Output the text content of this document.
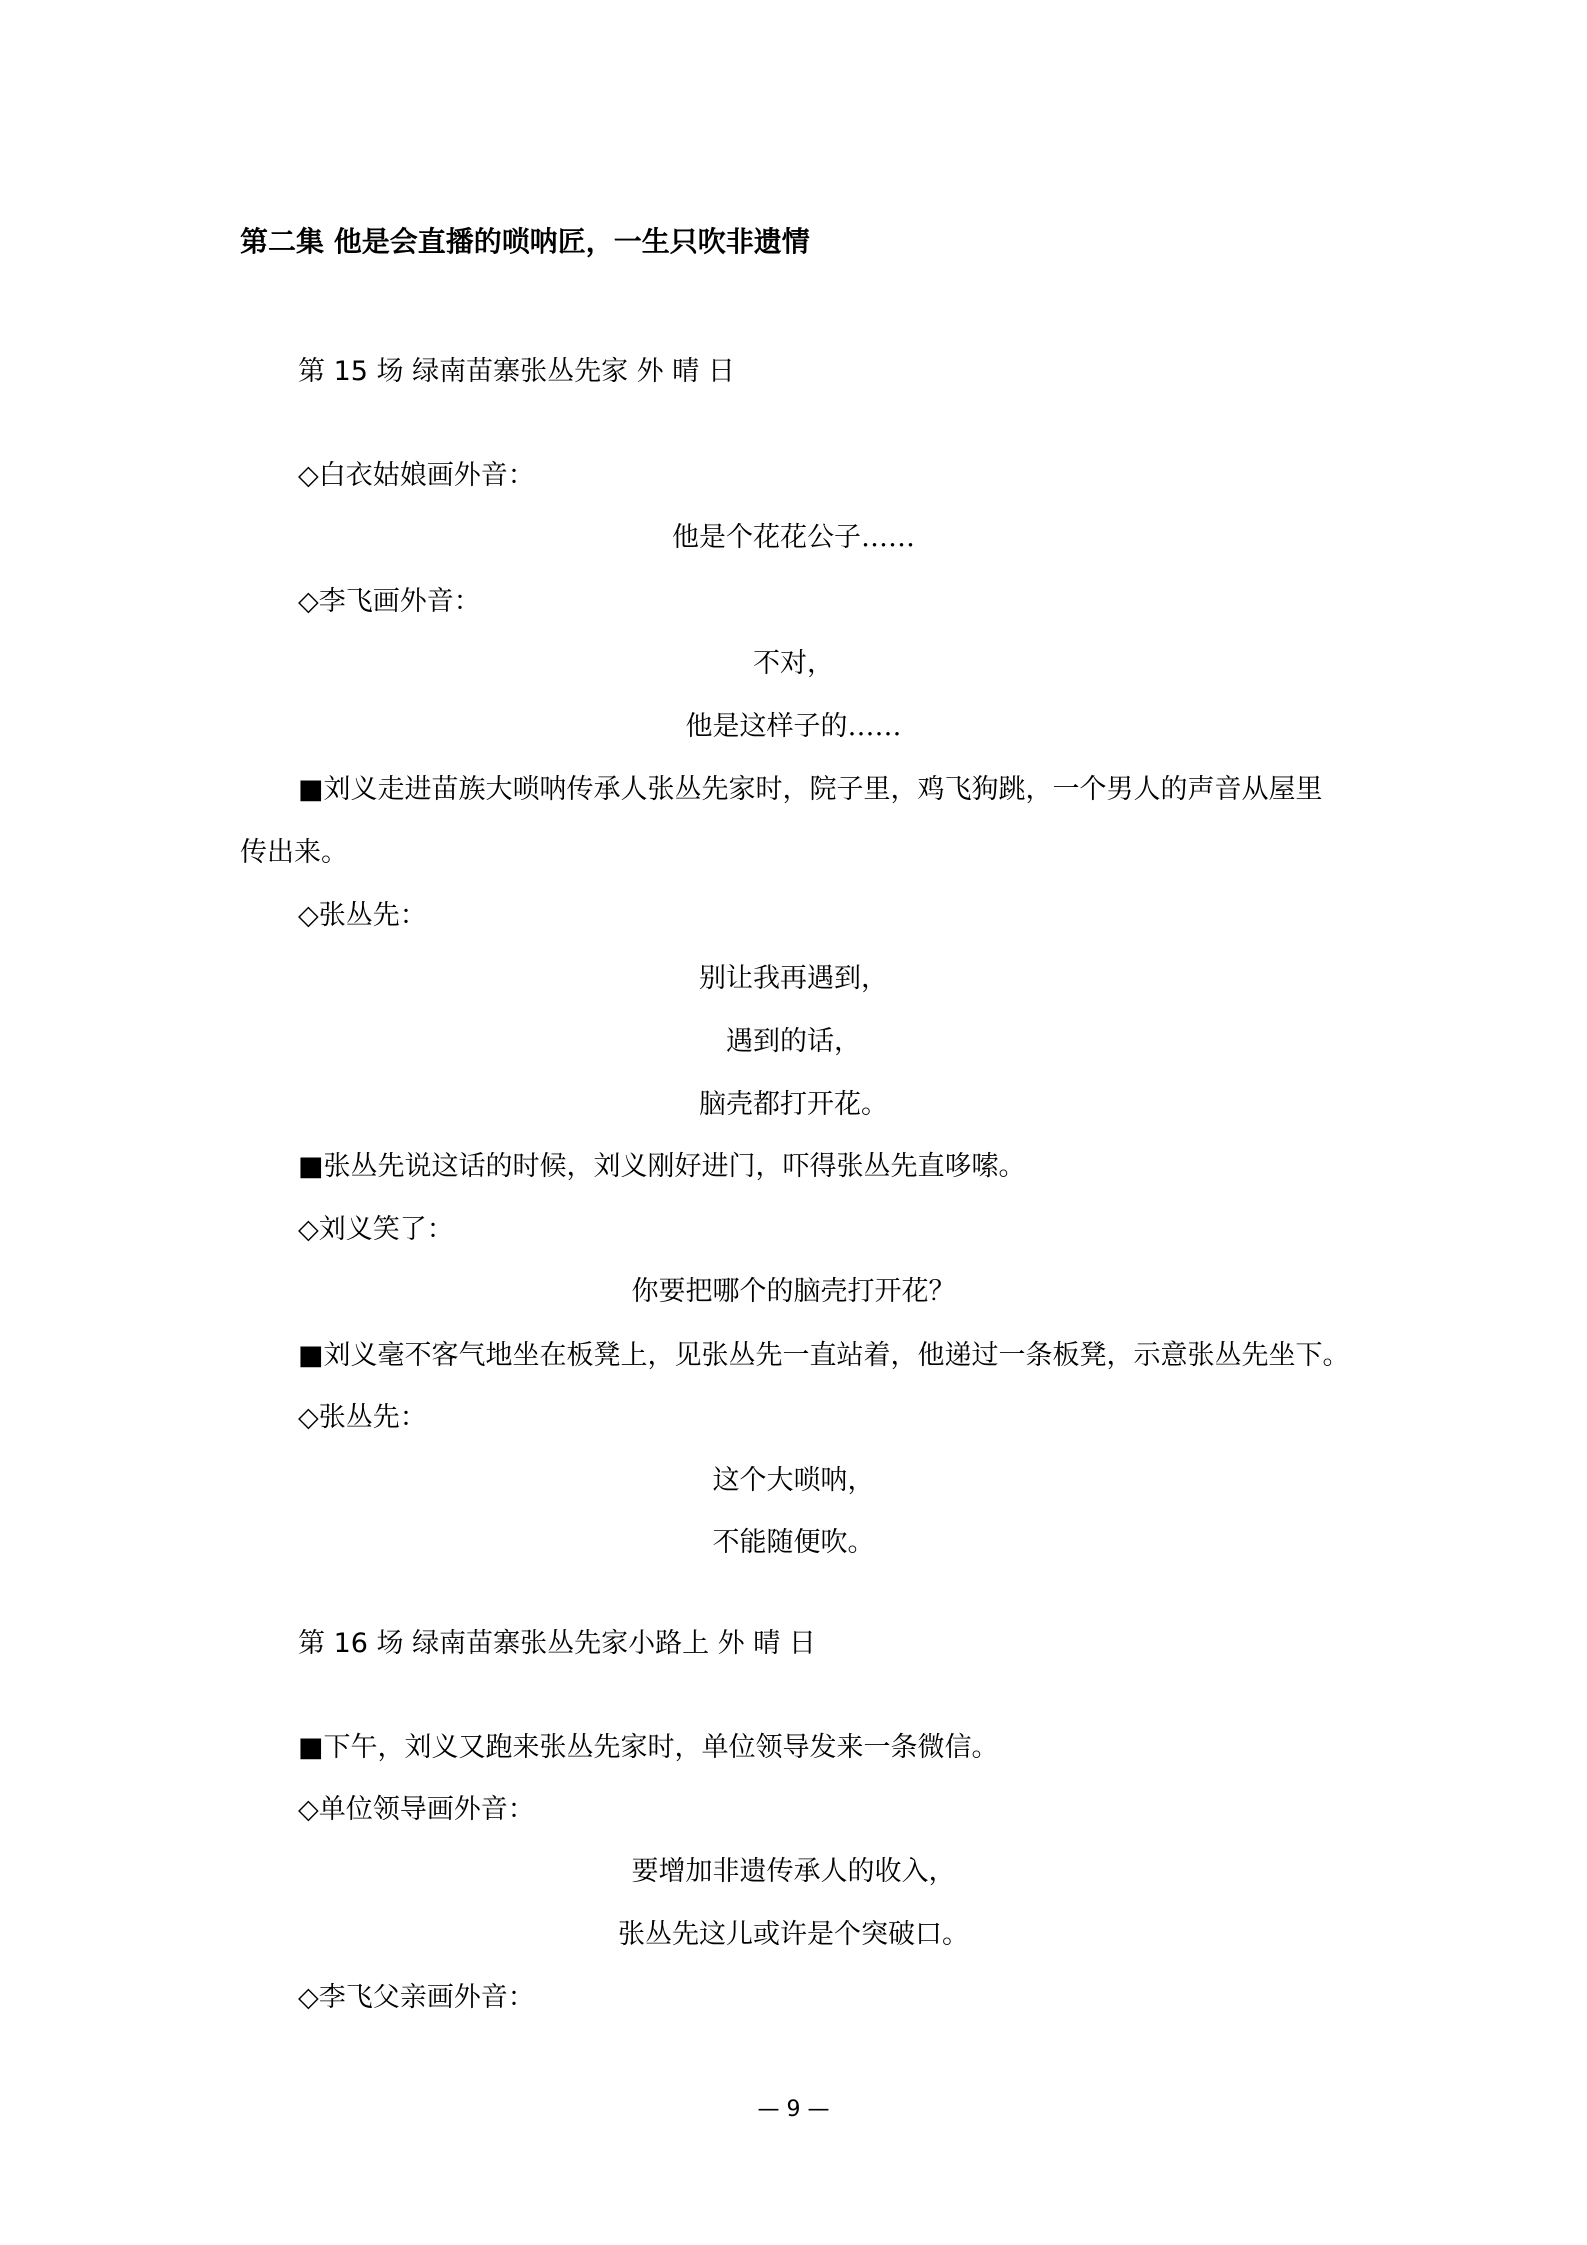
第二集 他是会直播的唢呐匠，一生只吹非遗情
第 15 场 绿南苗寨张丛先家 外 晴 日
◇白衣姑娘画外音：
他是个花花公子……
◇李飞画外音：
不对，
他是这样子的……
■刘义走进苗族大唢呐传承人张丛先家时，院子里，鸡飞狗跳，一个男人的声音从屋里
传出来。
◇张丛先：
别让我再遇到，
遇到的话，
脑壳都打开花。
■张丛先说这话的时候，刘义刚好进门，吓得张丛先直哆嗦。
◇刘义笑了：
你要把哪个的脑壳打开花？
■刘义毫不客气地坐在板凳上，见张丛先一直站着，他递过一条板凳，示意张丛先坐下。
◇张丛先：
这个大唢呐，
不能随便吹。
第 16 场 绿南苗寨张丛先家小路上 外 晴 日
■下午，刘义又跑来张丛先家时，单位领导发来一条微信。
◇单位领导画外音：
要增加非遗传承人的收入，
张丛先这儿或许是个突破口。
◇李飞父亲画外音：
— 9 —
